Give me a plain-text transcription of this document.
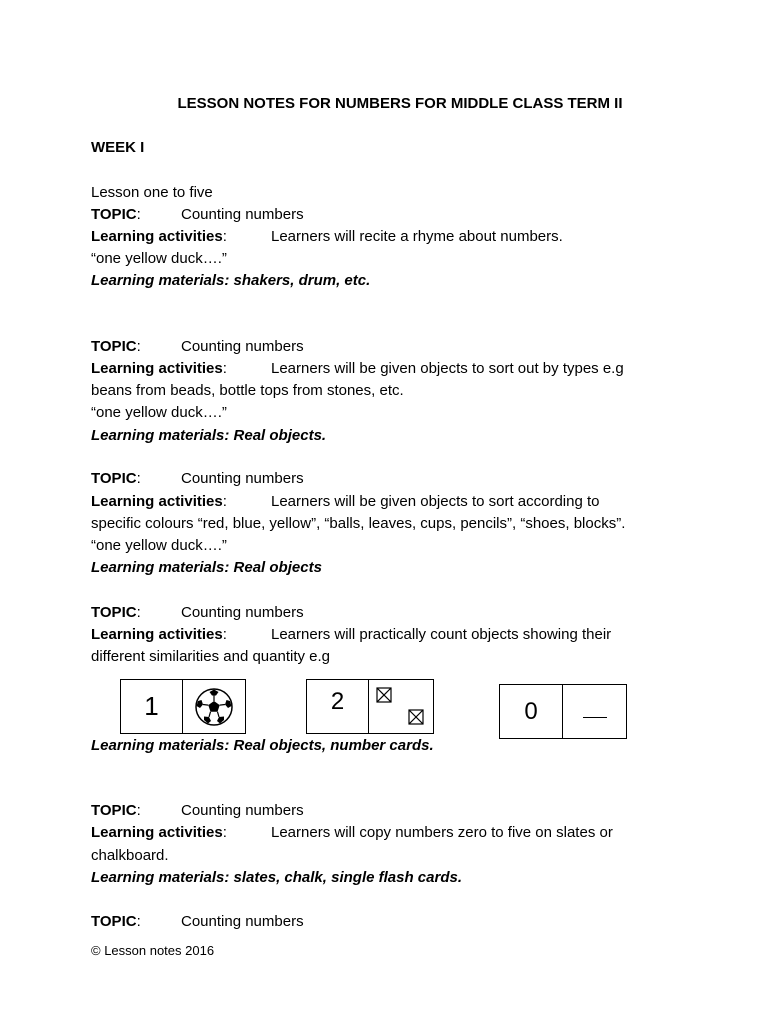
LESSON NOTES FOR NUMBERS FOR MIDDLE CLASS TERM II
WEEK I
Lesson one to five
TOPIC:	Counting numbers
Learning activities:	Learners will recite a rhyme about numbers.
“one yellow duck….”
Learning materials: shakers, drum, etc.
TOPIC:	Counting numbers
Learning activities:	Learners will be given objects to sort out by types e.g
beans from beads, bottle tops from stones, etc.
“one yellow duck….”
Learning materials: Real objects.
TOPIC:	Counting numbers
Learning activities:	Learners will be given objects to sort according to
specific colours “red, blue, yellow”, “balls, leaves, cups, pencils”, “shoes, blocks”.
“one yellow duck….”
Learning materials: Real objects
TOPIC:	Counting numbers
Learning activities:	Learners will practically count objects showing their
different similarities and quantity e.g
1	2	0
Learning materials: Real objects, number cards.
TOPIC:	Counting numbers
Learning activities:	Learners will copy numbers zero to five on slates or
chalkboard.
Learning materials: slates, chalk, single flash cards.
TOPIC:	Counting numbers
© Lesson notes 2016
